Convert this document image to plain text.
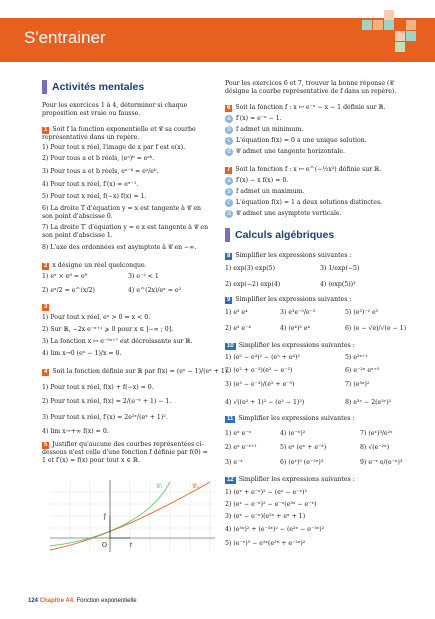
S'entrainer
Activités mentales
Pour les exercices 1 à 4, déterminer si chaque proposition est vraie ou fausse.
1 Soit f la fonction exponentielle et 𝒞 sa courbe représentative dans un repère.
1) Pour tout x réel, l'image de x par f est e(x).
2) Pour tous a et b réels, (eᵃ)ᵇ = eᵃᵇ.
3) Pour tous a et b réels, eᵃ⁻ᵇ = eᵃ/eᵇ.
4) Pour tout x réel, f′(x) = eˣ⁻¹.
5) Pour tout x réel, f(−x) f(x) = 1.
6) La droite T d'équation y = x est tangente à 𝒞 en son point d'abscisse 0.
7) La droite T′ d'équation y = e x est tangente à 𝒞 en son point d'abscisse 1.
8) L'axe des ordonnées est asymptote à 𝒞 en −∞.
2 x désigne un réel quelconque.
1) eˣ × e⁸ = e⁸	3) e⁻² < 1
2) eˣ/2 = e^(x/2)	4) e^(2x)/eˣ = e²
3
1) Pour tout x réel, eˣ > 0 ⇒ x < 0.
2) Sur ℝ, −2x e⁻ˣ⁺¹ ⩾ 0 pour x ∈ ]−∞ ; 0].
3) La fonction x ↦ e⁻³ˣ⁺⁷ est décroissante sur ℝ.
4) lim x→0 (eˣ − 1)/x = 0.
4 Soit la fonction définie sur ℝ par f(x) = (eˣ − 1)/(eˣ + 1).
1) Pour tout x réel, f(x) + f(−x) = 0.
2) Pour tout x réel, f(x) = 2/(e⁻ˣ + 1) − 1.
3) Pour tout x réel, f′(x) = 2e²ˣ/(eˣ + 1)².
4) lim x→+∞ f(x) = 0.
5 Justifier qu'aucune des courbes représentées ci-dessous n'est celle d'une fonction f définie par f(0) = 1 et f′(x) = f(x) pour tout x ∈ ℝ.
𝒞₁	𝒞₂
j⃗
i⃗
O
Pour les exercices 6 et 7, trouver la bonne réponse (𝒞 désigne la courbe représentative de f dans un repère).
6 Soit la fonction f : x ↦ e⁻ˣ − x − 1 définie sur ℝ.
a f′(x) = e⁻ˣ − 1.
b f admet un minimum.
c L'équation f(x) = 0 a une unique solution.
d 𝒞 admet une tangente horizontale.
7 Soit la fonction f : x ↦ e^(−½x²) définie sur ℝ.
a f′(x) − x f(x) = 0.
b f admet un maximum.
c L'équation f(x) = 1 a deux solutions distinctes.
d 𝒞 admet une asymptote verticale.
Calculs algébriques
8 Simplifier les expressions suivantes :
1) exp(3) exp(5)
2) exp(−2) exp(4)
3) 1/exp(−5)
4) (exp(5))³
9 Simplifier les expressions suivantes :
1) e³ e⁴
2) e³ e⁻⁴
3) e³e⁻⁵/e⁻²
4) (e⁴)³ e⁴
5) (e³)⁻² e⁵
6) (e − √e)/√(e − 1)
10 Simplifier les expressions suivantes :
1) (e⁵ − e⁴)² − (e⁵ + e⁴)²
2) (e² + e⁻²)(e² − e⁻²)
3) (e³ − e⁻³)/(e² + e⁻³)
4) √((e² + 1)² − (e² − 1)²)
5) e²ˣ⁺¹
6) e⁻²ˣ eˣ⁺⁵
7) (e³ˣ)²
8) e³ʸ − 2(e³ʸ)²
11 Simplifier les expressions suivantes :
1) eˣ e⁻ˣ
2) eˣ e⁻ˣ⁺¹
3) e⁻ˣ
4) (e⁻ˣ)²
5) eˣ (eˣ + e⁻ˣ)
6) (eˣ)⁵ (e⁻²ˣ)³
7) (eˣ)³/e²ˣ
8) √(e⁻²ˣ)
9) e⁻ˣ e/(e⁻ˣ)³
12 Simplifier les expressions suivantes :
1) (eˣ + e⁻ˣ)² − (eˣ − e⁻ˣ)²
2) (eˣ − e⁻ˣ)² − e⁻ˣ(e³ˣ − e⁻ˣ)
3) (eˣ − e⁻ˣ)(e²ˣ + eˣ + 1)
4) (e³ˣ)² + (e⁻³ˣ)² − (e³ˣ − e⁻³ˣ)²
5) (e⁻ˣ)⁵ − e²ˣ(e²ˣ + e⁻²ˣ)²
124 Chapitre A4. Fonction exponentielle
